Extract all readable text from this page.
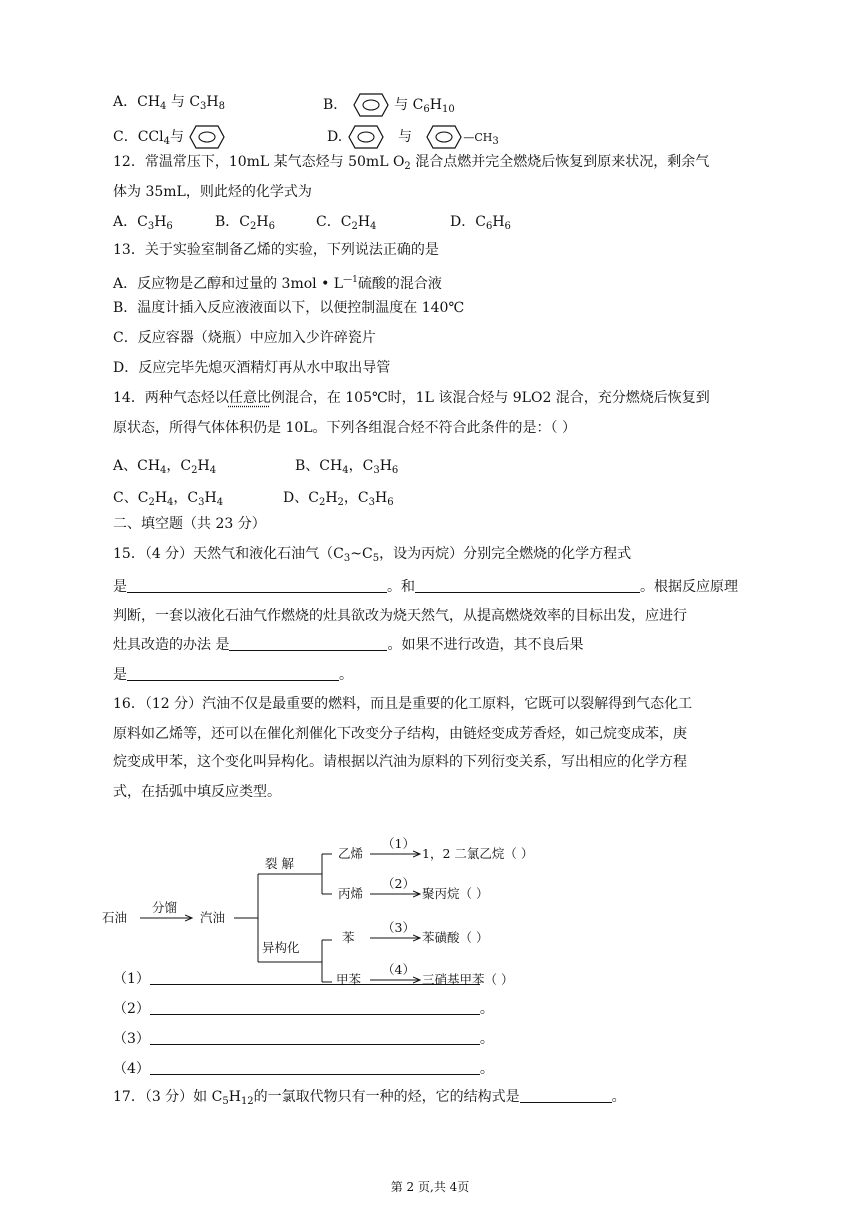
A．$CH_4$ 与 $C_3H_8$	B．	与 $C_6H_{10}$
C．CCl$_4$与	D.	与	$—CH_3$
12．常温常压下，10mL 某气态烃与 50mL $O_2$ 混合点燃并完全燃烧后恢复到原来状况，剩余气
体为 35mL，则此烃的化学式为
A．$C_3H_6$	B．$C_2H_6$	C．$C_2H_4$	D．$C_6H_6$
13．关于实验室制备乙烯的实验，下列说法正确的是
A．反应物是乙醇和过量的 3mol • $L^{—1}$硫酸的混合液
B．温度计插入反应液液面以下，以便控制温度在 140℃
C．反应容器（烧瓶）中应加入少许碎瓷片
D．反应完毕先熄灭酒精灯再从水中取出导管
14．两种气态烃以任意比例混合，在 105℃时，1L 该混合烃与 9LO2 混合，充分燃烧后恢复到
原状态，所得气体体积仍是 10L。下列各组混合烃不符合此条件的是：（ ）
A、$CH_4$，$C_2H_4$	B、$CH_4$，$C_3H_6$
C、$C_2H_4$，$C_3H_4$	D、$C_2H_2$，$C_3H_6$
二、填空题（共 23 分）
15．（4 分）天然气和液化石油气（$C_3\sim C_5$，设为丙烷）分别完全燃烧的化学方程式
是	。和	。根据反应原理
判断，一套以液化石油气作燃烧的灶具欲改为烧天然气，从提高燃烧效率的目标出发，应进行
灶具改造的办法 是	。如果不进行改造，其不良后果
是	。
16．（12 分）汽油不仅是最重要的燃料，而且是重要的化工原料，它既可以裂解得到气态化工
原料如乙烯等，还可以在催化剂催化下改变分子结构，由链烃变成芳香烃，如己烷变成苯，庚
烷变成甲苯，这个变化叫异构化。请根据以汽油为原料的下列衍变关系，写出相应的化学方程
式，在括弧中填反应类型。
石油
分馏
汽油
裂 解
异构化
乙烯
丙烯
苯
甲苯
（1）
（2）
（3）
（4）
1，2 二氯乙烷（ ）
聚丙烷（ ）
苯磺酸（ ）
三硝基甲苯（ ）
（1）
（2）	。
（3）	。
（4）	。
17．（3 分）如 $C_5H_{12}$的一氯取代物只有一种的烃，它的结构式是	。
第 2 页,共 4页
